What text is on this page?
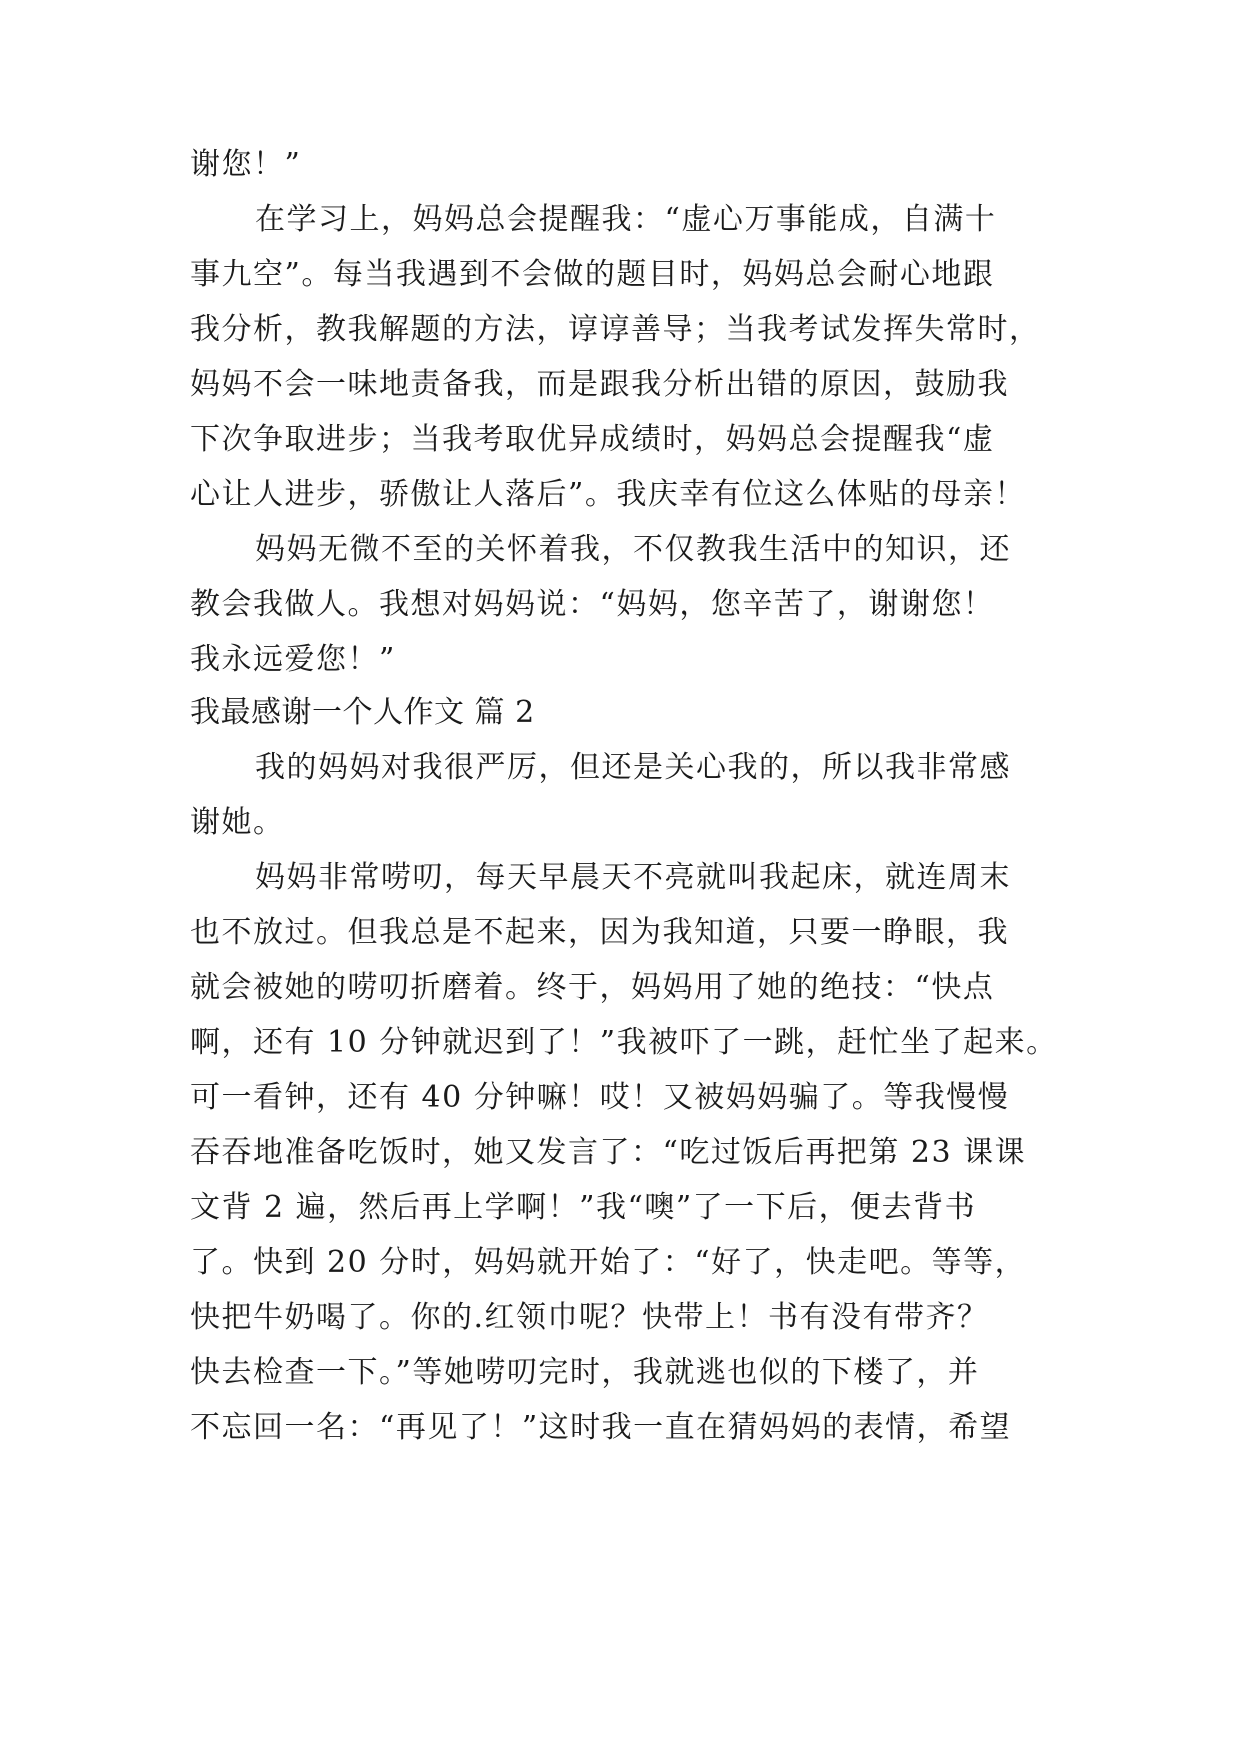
谢您！”
在学习上，妈妈总会提醒我：“虚心万事能成，自满十
事九空”。每当我遇到不会做的题目时，妈妈总会耐心地跟
我分析，教我解题的方法，谆谆善导；当我考试发挥失常时，
妈妈不会一味地责备我，而是跟我分析出错的原因，鼓励我
下次争取进步；当我考取优异成绩时，妈妈总会提醒我“虚
心让人进步，骄傲让人落后”。我庆幸有位这么体贴的母亲！
妈妈无微不至的关怀着我，不仅教我生活中的知识，还
教会我做人。我想对妈妈说：“妈妈，您辛苦了，谢谢您！
我永远爱您！”
我最感谢一个人作文 篇 2
我的妈妈对我很严厉，但还是关心我的，所以我非常感
谢她。
妈妈非常唠叨，每天早晨天不亮就叫我起床，就连周末
也不放过。但我总是不起来，因为我知道，只要一睁眼，我
就会被她的唠叨折磨着。终于，妈妈用了她的绝技：“快点
啊，还有 10 分钟就迟到了！”我被吓了一跳，赶忙坐了起来。
可一看钟，还有 40 分钟嘛！哎！又被妈妈骗了。等我慢慢
吞吞地准备吃饭时，她又发言了：“吃过饭后再把第 23 课课
文背 2 遍，然后再上学啊！”我“噢”了一下后，便去背书
了。快到 20 分时，妈妈就开始了：“好了，快走吧。等等，
快把牛奶喝了。你的.红领巾呢？快带上！书有没有带齐？
快去检查一下。”等她唠叨完时，我就逃也似的下楼了，并
不忘回一名：“再见了！”这时我一直在猜妈妈的表情，希望
